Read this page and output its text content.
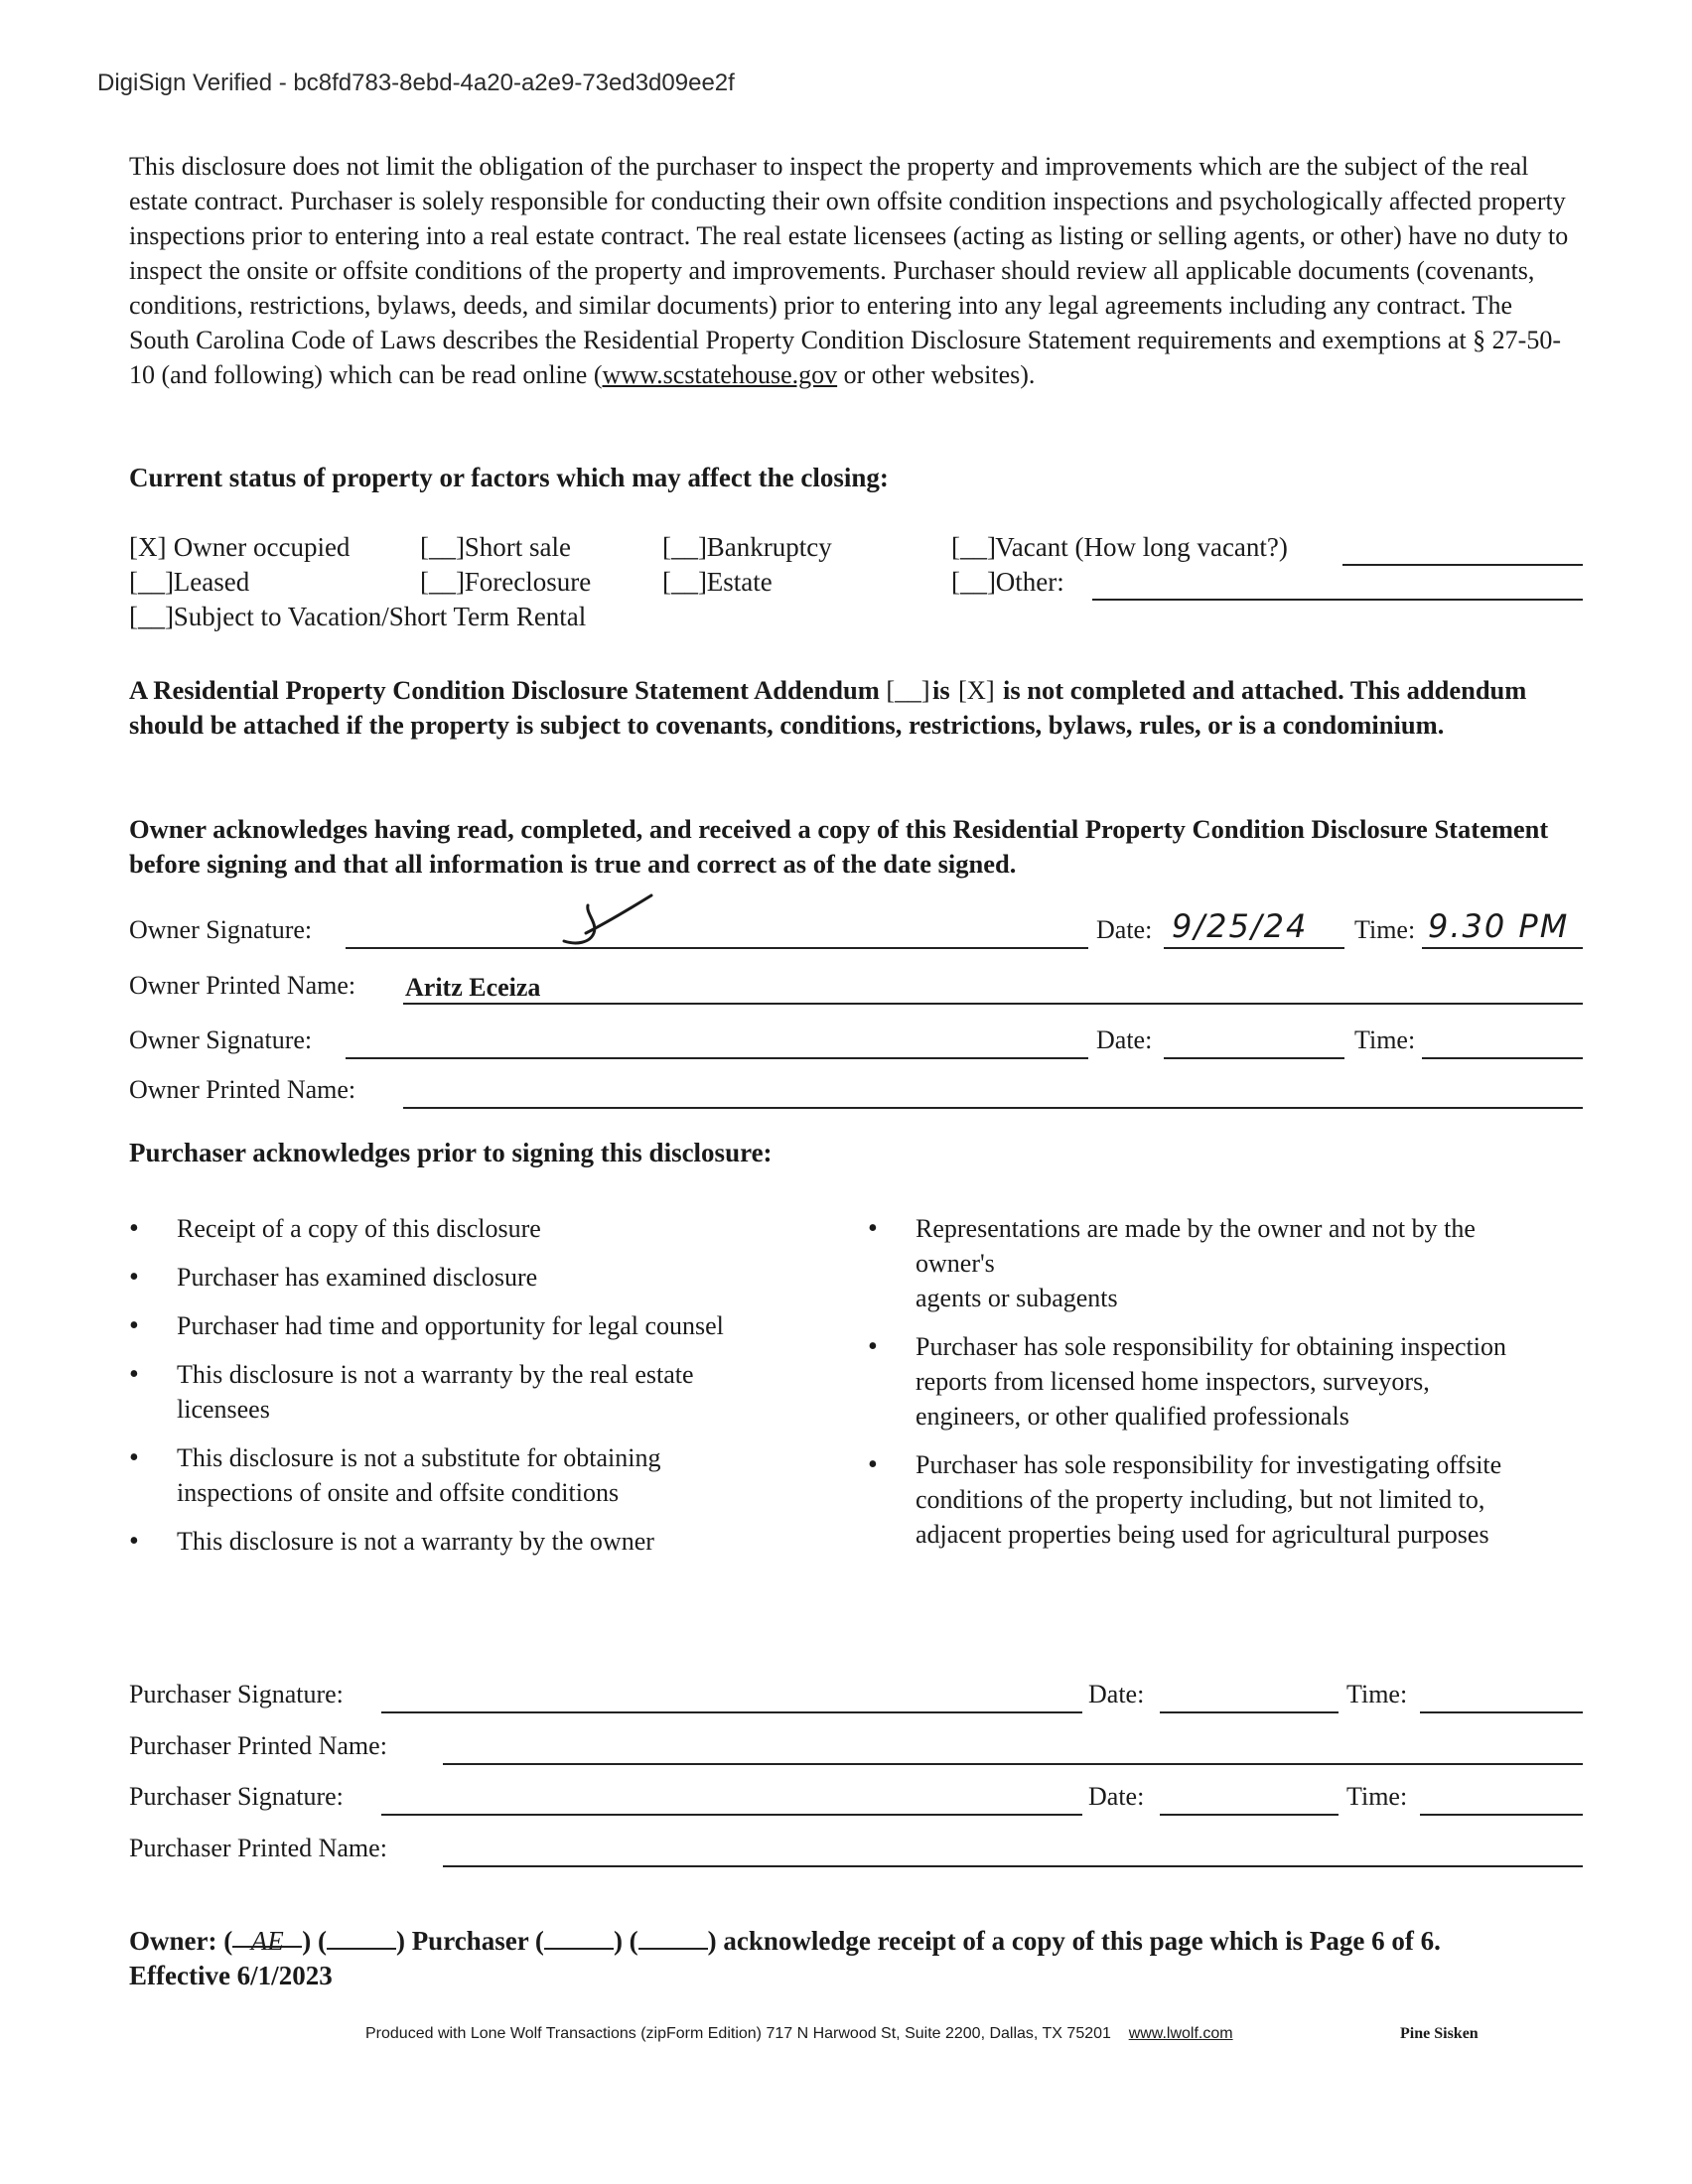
DigiSign Verified - bc8fd783-8ebd-4a20-a2e9-73ed3d09ee2f
This disclosure does not limit the obligation of the purchaser to inspect the property and improvements which are the subject of the real estate contract. Purchaser is solely responsible for conducting their own offsite condition inspections and psychologically affected property inspections prior to entering into a real estate contract. The real estate licensees (acting as listing or selling agents, or other) have no duty to inspect the onsite or offsite conditions of the property and improvements. Purchaser should review all applicable documents (covenants, conditions, restrictions, bylaws, deeds, and similar documents) prior to entering into any legal agreements including any contract. The South Carolina Code of Laws describes the Residential Property Condition Disclosure Statement requirements and exemptions at § 27-50-10 (and following) which can be read online (www.scstatehouse.gov or other websites).
Current status of property or factors which may affect the closing:
[X] Owner occupied	[__] Short sale	[__] Bankruptcy	[__] Vacant (How long vacant?)
[__] Leased	[__] Foreclosure	[__] Estate	[__] Other:
[__] Subject to Vacation/Short Term Rental
A Residential Property Condition Disclosure Statement Addendum [__] is [X] is not completed and attached. This addendum should be attached if the property is subject to covenants, conditions, restrictions, bylaws, rules, or is a condominium.
Owner acknowledges having read, completed, and received a copy of this Residential Property Condition Disclosure Statement before signing and that all information is true and correct as of the date signed.
Owner Signature:	Date: 9/25/24 Time: 9.30 PM
Owner Printed Name: Aritz Eceiza
Owner Signature:	Date:	Time:
Owner Printed Name:
Purchaser acknowledges prior to signing this disclosure:
• Receipt of a copy of this disclosure
• Purchaser has examined disclosure
• Purchaser had time and opportunity for legal counsel
• This disclosure is not a warranty by the real estate licensees
• This disclosure is not a substitute for obtaining inspections of onsite and offsite conditions
• This disclosure is not a warranty by the owner
• Representations are made by the owner and not by the owner's
agents or subagents
• Purchaser has sole responsibility for obtaining inspection reports from licensed home inspectors, surveyors, engineers, or other qualified professionals
• Purchaser has sole responsibility for investigating offsite conditions of the property including, but not limited to, adjacent properties being used for agricultural purposes
Purchaser Signature:	Date:	Time:
Purchaser Printed Name:
Purchaser Signature:	Date:	Time:
Purchaser Printed Name:
Owner: ( AE ) (	) Purchaser (	) (	) acknowledge receipt of a copy of this page which is Page 6 of 6.
Effective 6/1/2023
Produced with Lone Wolf Transactions (zipForm Edition) 717 N Harwood St, Suite 2200, Dallas, TX 75201 www.lwolf.com	Pine Sisken
